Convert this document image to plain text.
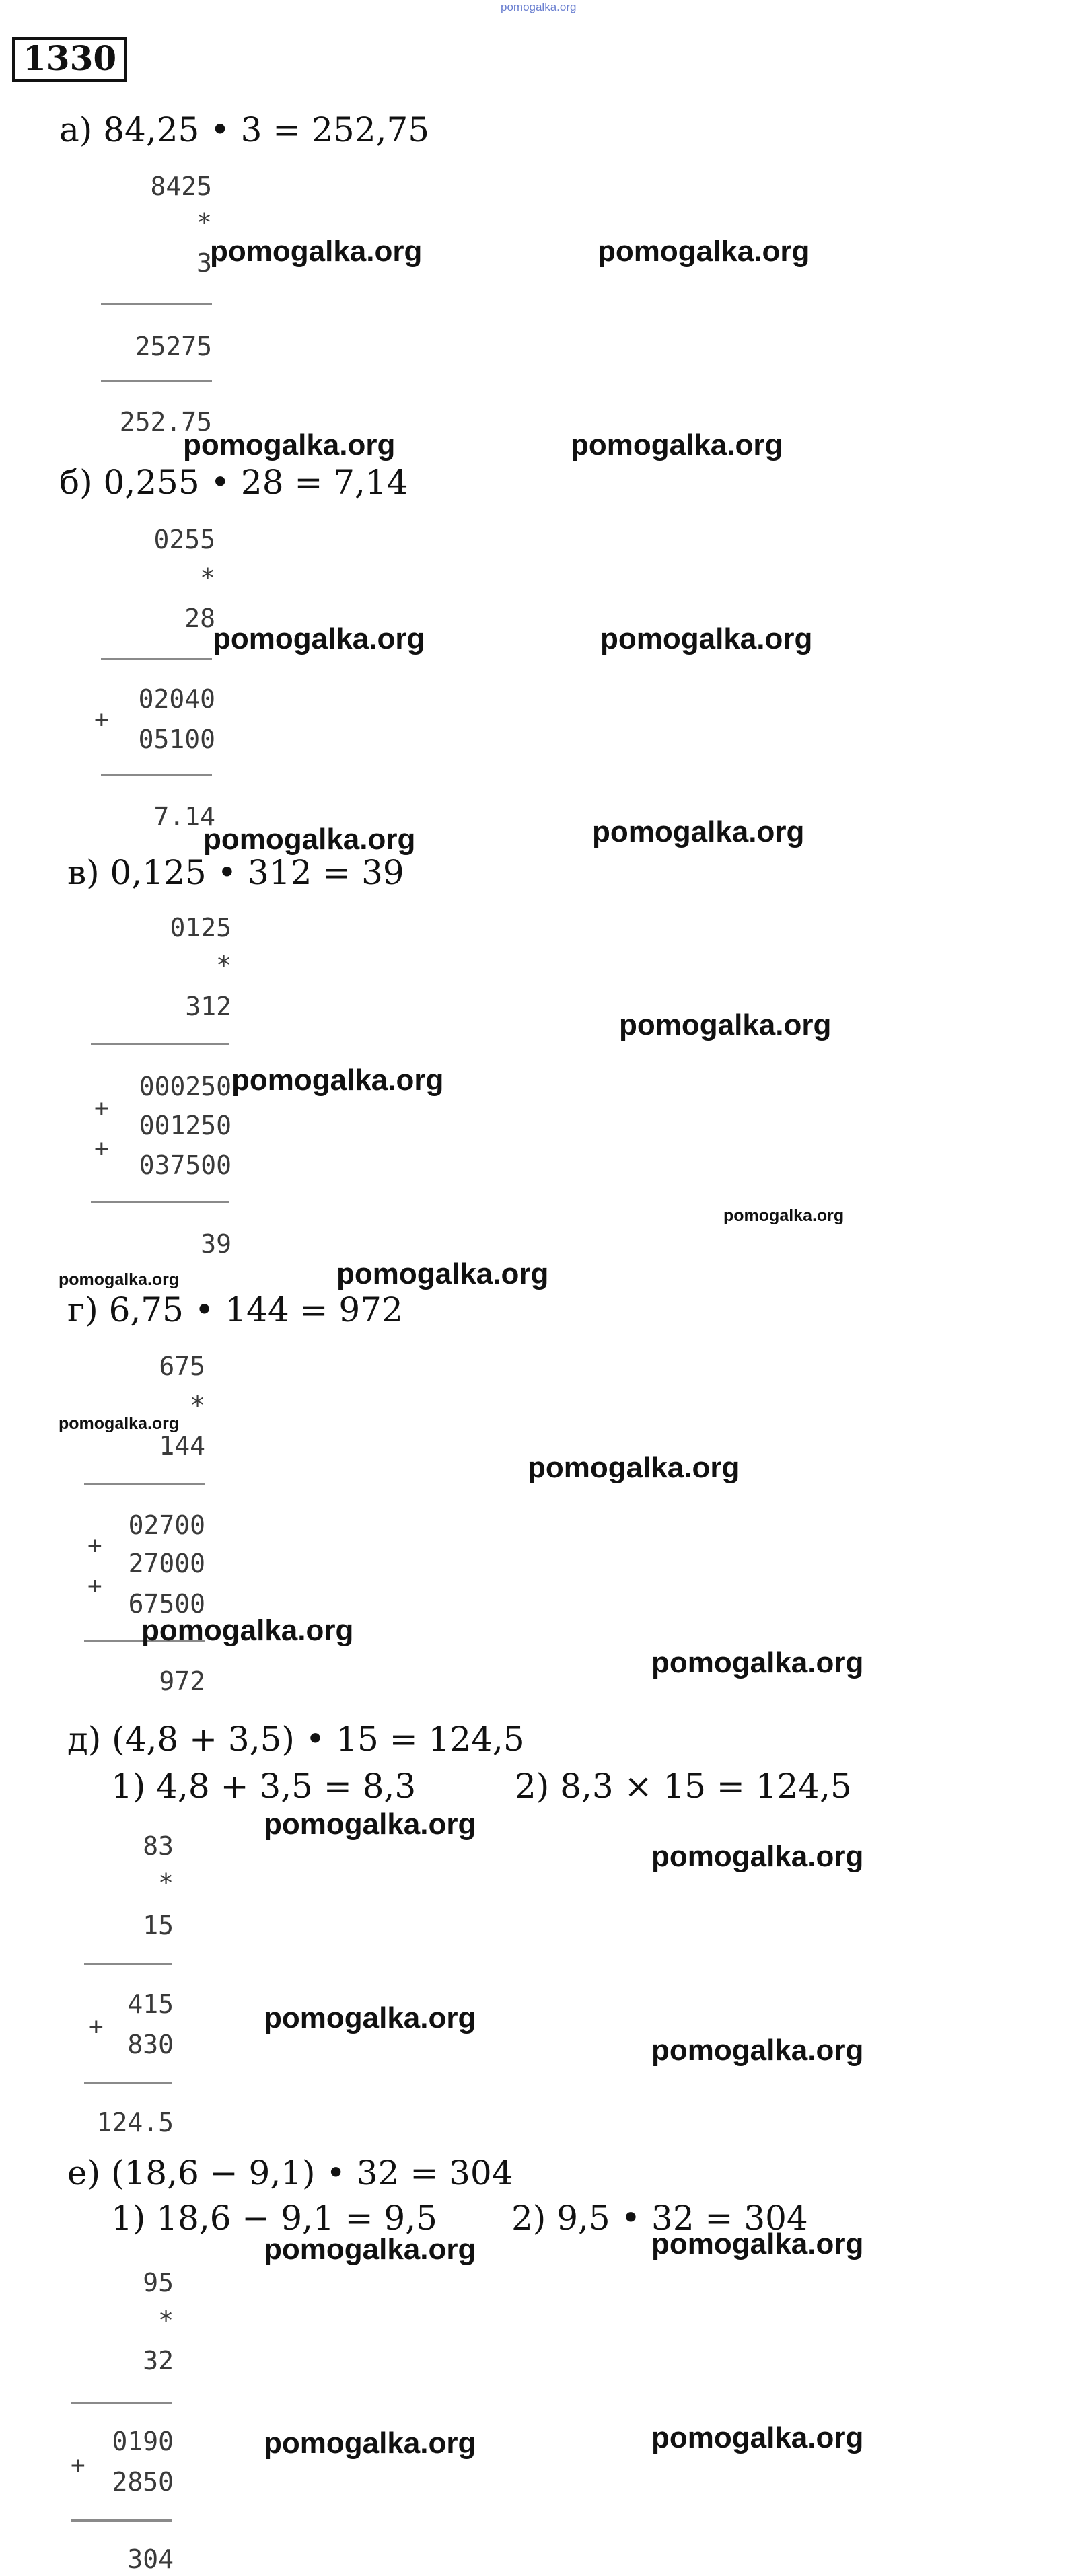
pomogalka.org
1330
а) 84,25 • 3 = 252,75
8425
*
3
25275
252.75
б) 0,255 • 28 = 7,14
0255
*
28
+
02040
05100
7.14
в) 0,125 • 312 = 39
0125
*
312
+
+
000250
001250
037500
39
г) 6,75 • 144 = 972
675
*
144
+
+
02700
27000
67500
972
д) (4,8 + 3,5) • 15 = 124,5
1) 4,8 + 3,5 = 8,3	2) 8,3 × 15 = 124,5
83
*
15
+
415
830
124.5
е) (18,6 − 9,1) • 32 = 304
1) 18,6 − 9,1 = 9,5 2) 9,5 • 32 = 304
95
*
32
+
0190
2850
304
pomogalka.org	pomogalka.org
pomogalka.org	pomogalka.org
pomogalka.org	pomogalka.org
pomogalka.org	pomogalka.org
pomogalka.org
pomogalka.org
pomogalka.org
pomogalka.org
pomogalka.org
pomogalka.org
pomogalka.org
pomogalka.org
pomogalka.org
pomogalka.org
pomogalka.org
pomogalka.org
pomogalka.org
pomogalka.org	pomogalka.org
pomogalka.org	pomogalka.org
